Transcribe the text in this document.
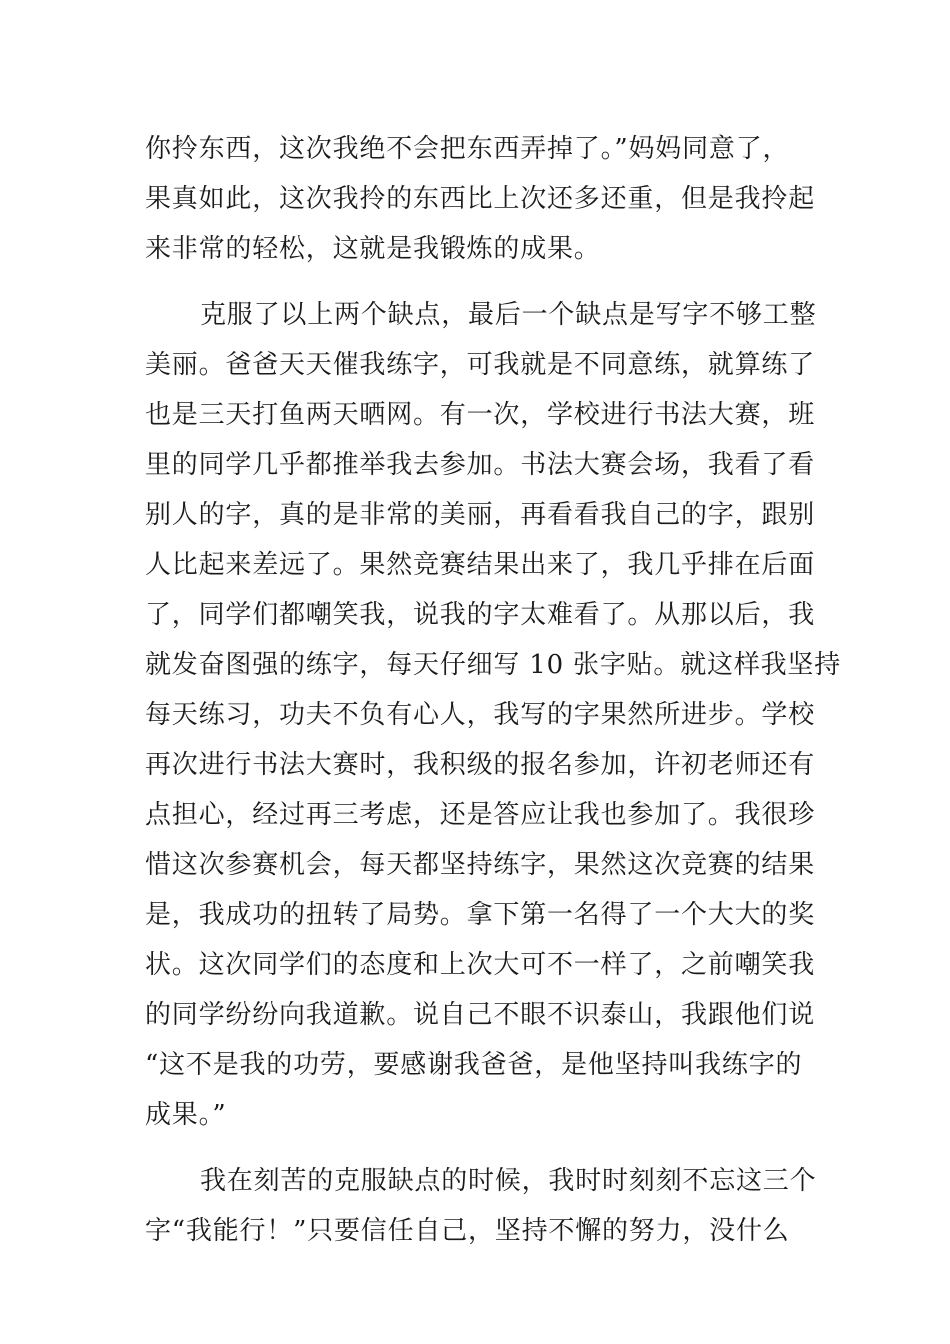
你拎东西，这次我绝不会把东西弄掉了。”妈妈同意了，
果真如此，这次我拎的东西比上次还多还重，但是我拎起
来非常的轻松，这就是我锻炼的成果。
克服了以上两个缺点，最后一个缺点是写字不够工整
美丽。爸爸天天催我练字，可我就是不同意练，就算练了
也是三天打鱼两天晒网。有一次，学校进行书法大赛，班
里的同学几乎都推举我去参加。书法大赛会场，我看了看
别人的字，真的是非常的美丽，再看看我自己的字，跟别
人比起来差远了。果然竞赛结果出来了，我几乎排在后面
了，同学们都嘲笑我，说我的字太难看了。从那以后，我
就发奋图强的练字，每天仔细写 10 张字贴。就这样我坚持
每天练习，功夫不负有心人，我写的字果然所进步。学校
再次进行书法大赛时，我积级的报名参加，许初老师还有
点担心，经过再三考虑，还是答应让我也参加了。我很珍
惜这次参赛机会，每天都坚持练字，果然这次竞赛的结果
是，我成功的扭转了局势。拿下第一名得了一个大大的奖
状。这次同学们的态度和上次大可不一样了，之前嘲笑我
的同学纷纷向我道歉。说自己不眼不识泰山，我跟他们说
“这不是我的功劳，要感谢我爸爸，是他坚持叫我练字的
成果。”
我在刻苦的克服缺点的时候，我时时刻刻不忘这三个
字“我能行！”只要信任自己，坚持不懈的努力，没什么
